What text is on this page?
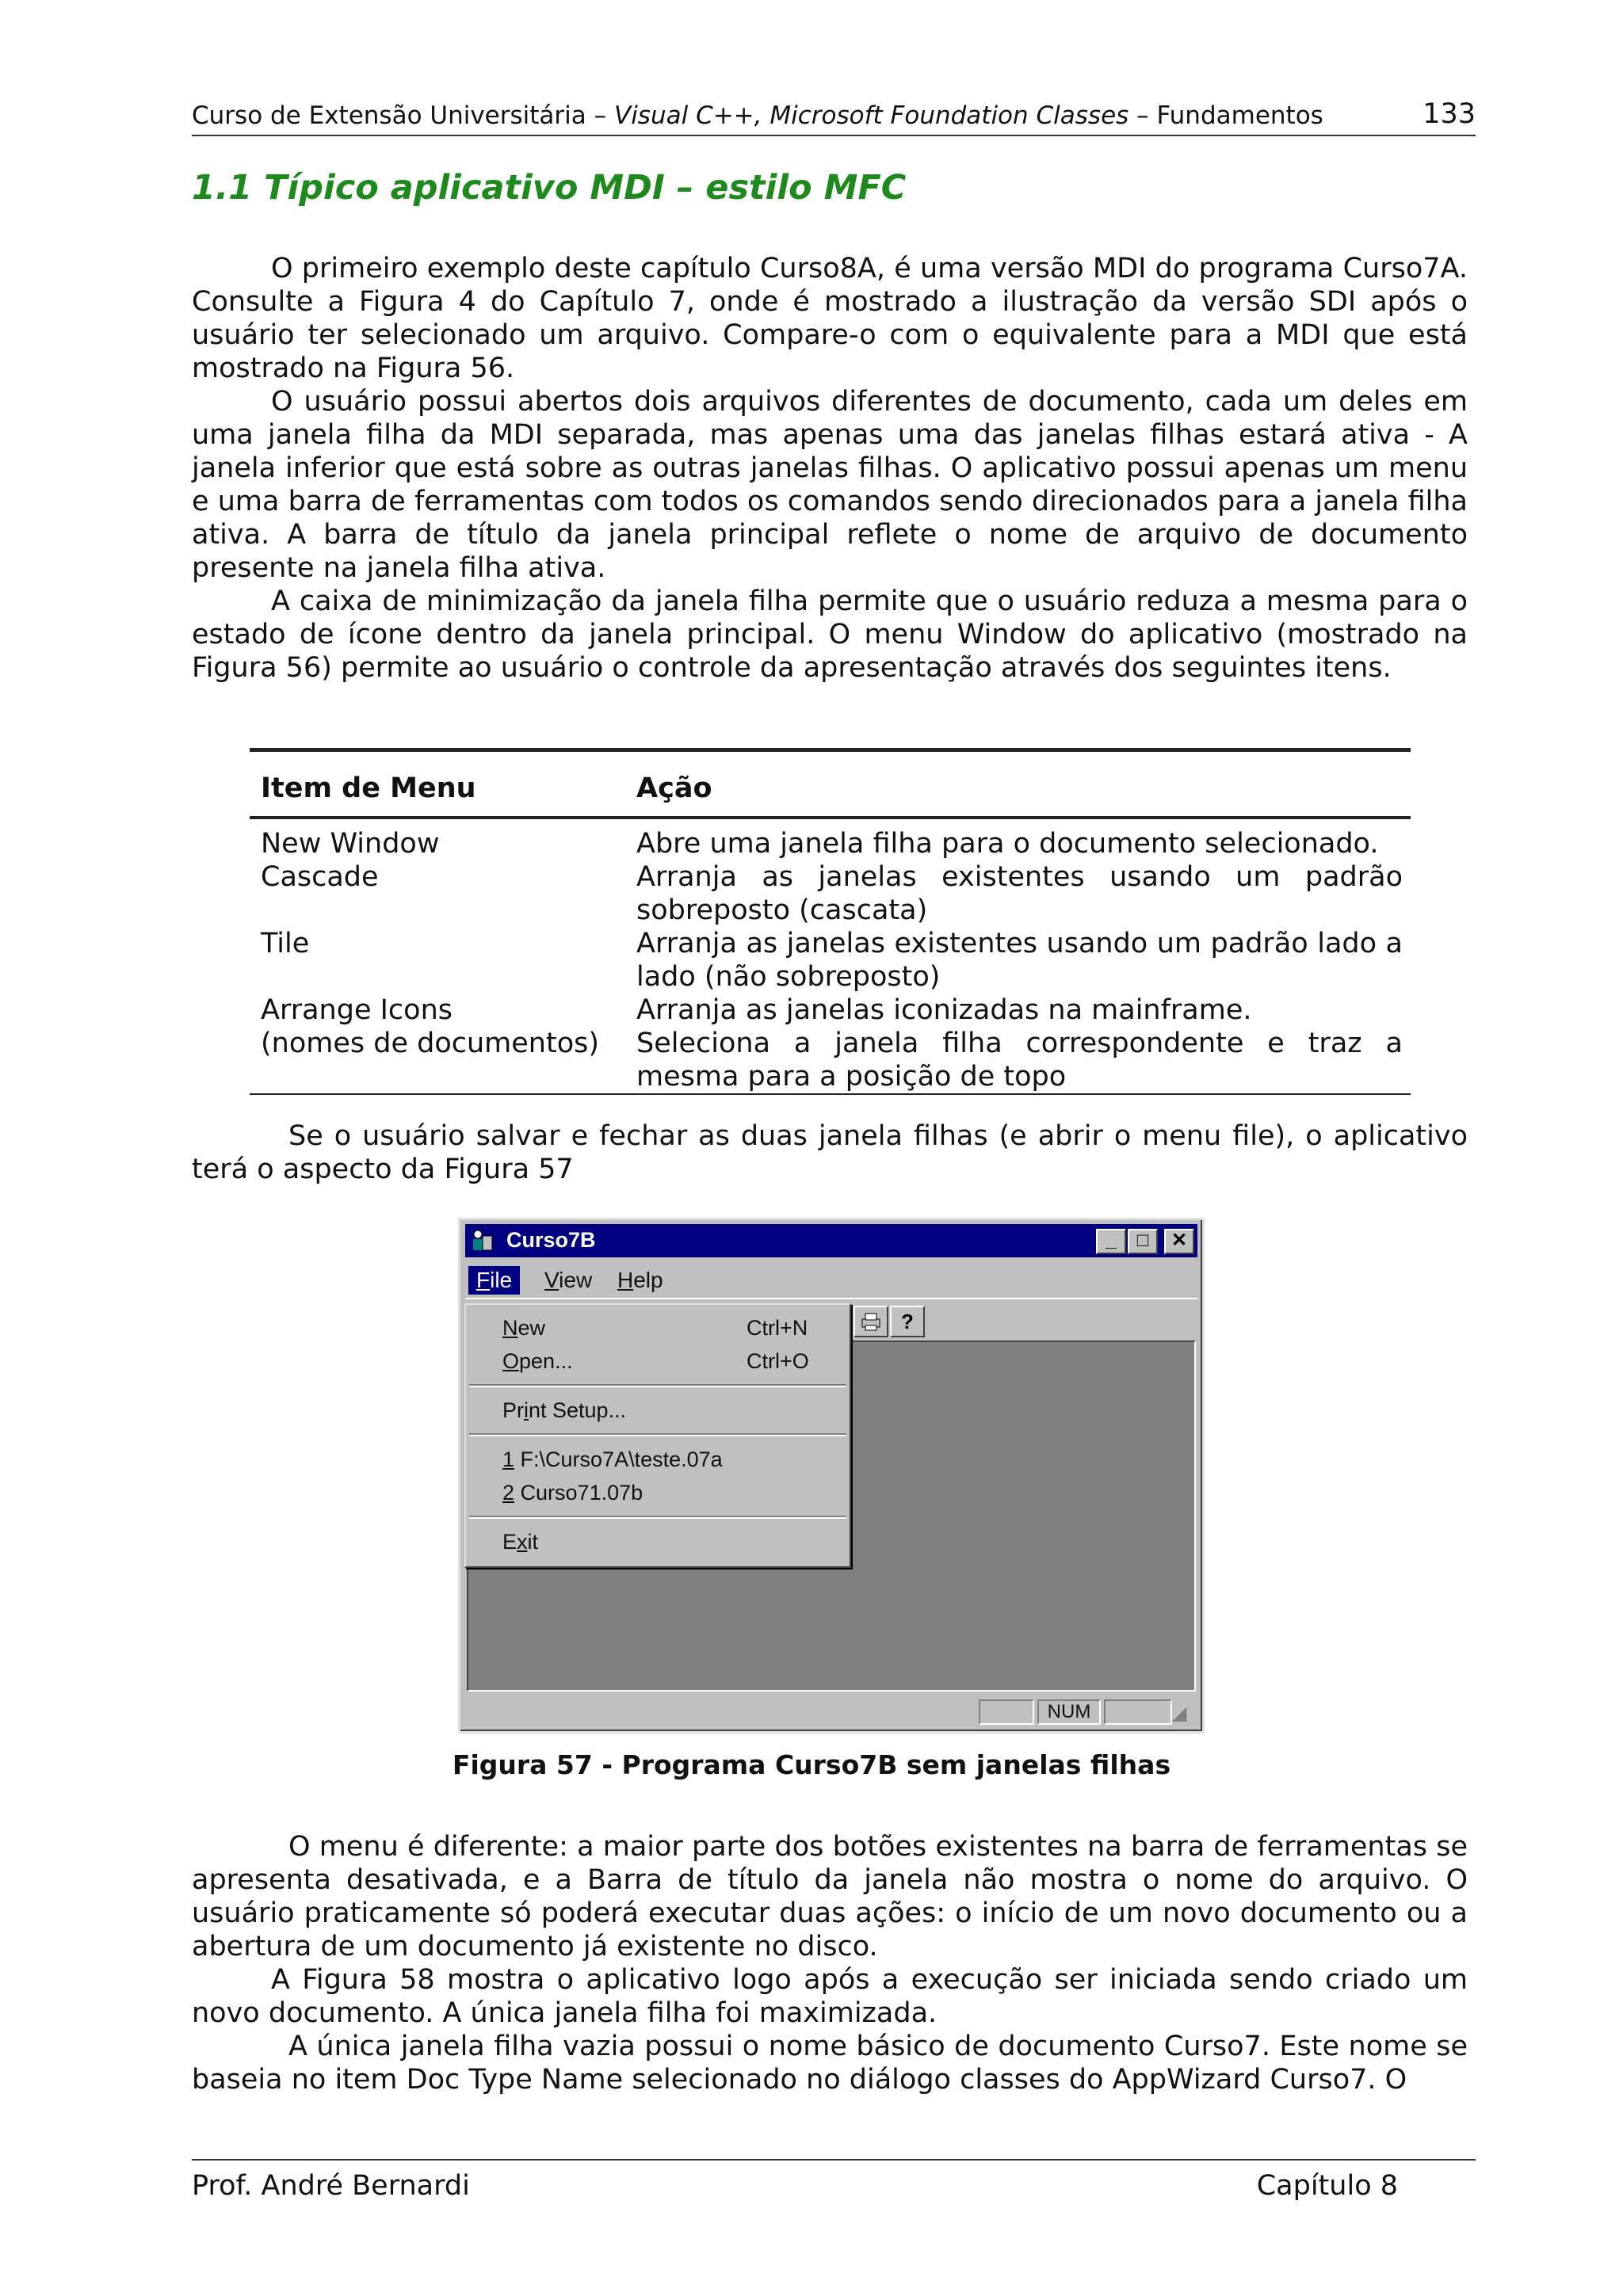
Curso de Extensão Universitária – Visual C++, Microsoft Foundation Classes – Fundamentos	133
1.1 Típico aplicativo MDI – estilo MFC

O primeiro exemplo deste capítulo Curso8A, é uma versão MDI do programa Curso7A. Consulte a Figura 4 do Capítulo 7, onde é mostrado a ilustração da versão SDI após o usuário ter selecionado um arquivo. Compare-o com o equivalente para a MDI que está mostrado na Figura 56.

O usuário possui abertos dois arquivos diferentes de documento, cada um deles em uma janela filha da MDI separada, mas apenas uma das janelas filhas estará ativa - A janela inferior que está sobre as outras janelas filhas. O aplicativo possui apenas um menu e uma barra de ferramentas com todos os comandos sendo direcionados para a janela filha ativa. A barra de título da janela principal reflete o nome de arquivo de documento presente na janela filha ativa.

A caixa de minimização da janela filha permite que o usuário reduza a mesma para o estado de ícone dentro da janela principal. O menu Window do aplicativo (mostrado na Figura 56) permite ao usuário o controle da apresentação através dos seguintes itens.

Item de Menu	Ação
New Window	Abre uma janela filha para o documento selecionado.
Cascade	Arranja as janelas existentes usando um padrão sobreposto (cascata)
Tile	Arranja as janelas existentes usando um padrão lado a lado (não sobreposto)
Arrange Icons	Arranja as janelas iconizadas na mainframe.
(nomes de documentos)	Seleciona a janela filha correspondente e traz a mesma para a posição de topo

Se o usuário salvar e fechar as duas janela filhas (e abrir o menu file), o aplicativo terá o aspecto da Figura 57

Curso7B	_	□	✕
File	View	Help
?
NUM	◢
New	Ctrl+N
Open...	Ctrl+O
Print Setup...
1 F:\Curso7A\teste.07a
2 Curso71.07b
Exit
Figura 57 - Programa Curso7B sem janelas filhas

O menu é diferente: a maior parte dos botões existentes na barra de ferramentas se apresenta desativada, e a Barra de título da janela não mostra o nome do arquivo. O usuário praticamente só poderá executar duas ações: o início de um novo documento ou a abertura de um documento já existente no disco.

A Figura 58 mostra o aplicativo logo após a execução ser iniciada sendo criado um novo documento. A única janela filha foi maximizada.

A única janela filha vazia possui o nome básico de documento Curso7. Este nome se baseia no item Doc Type Name selecionado no diálogo classes do AppWizard Curso7. O

Prof. André Bernardi	Capítulo 8
